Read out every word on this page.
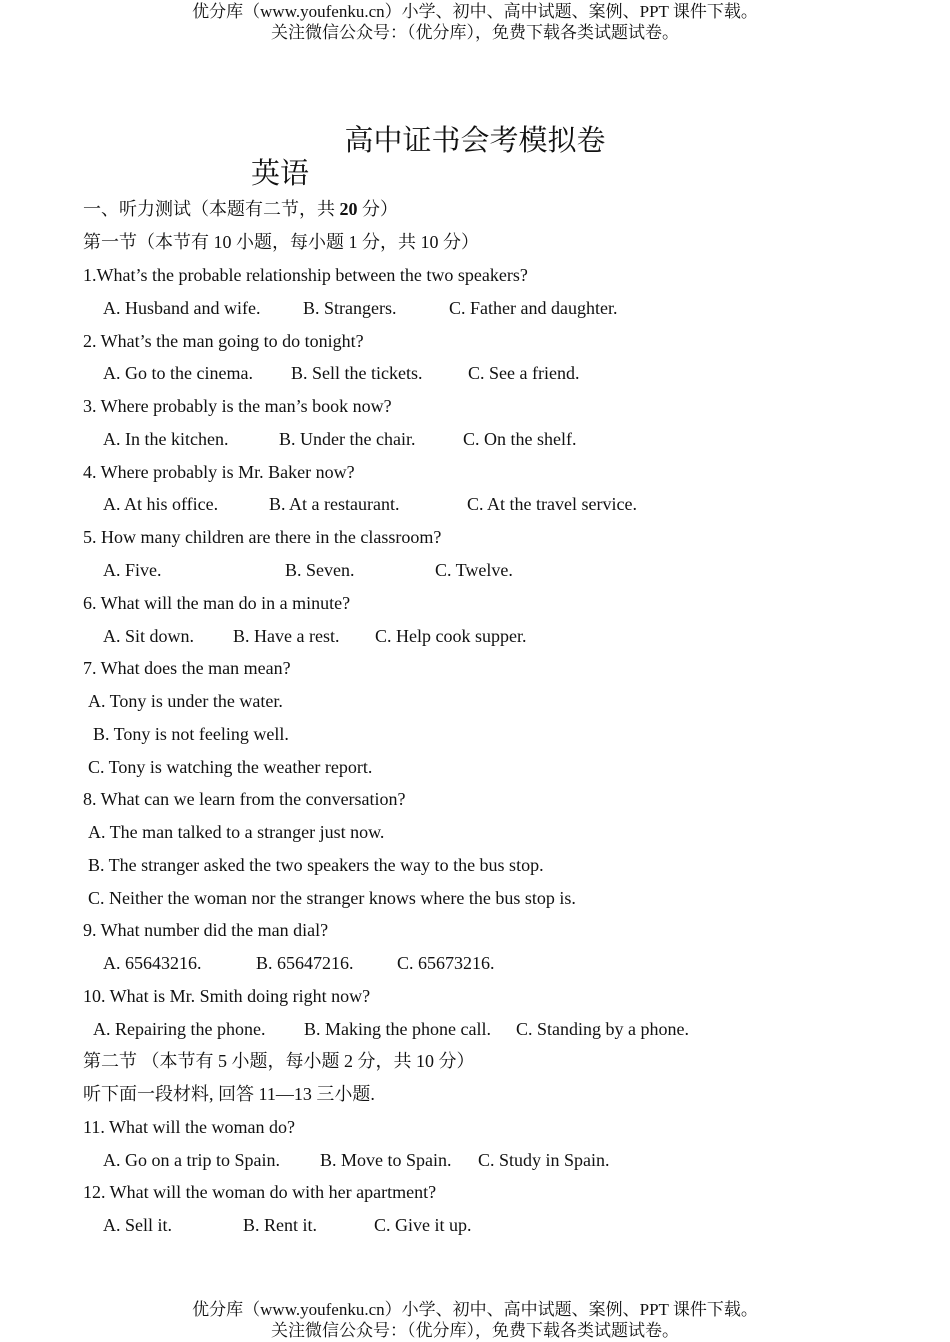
优分库（www.youfenku.cn）小学、初中、高中试题、案例、PPT 课件下载。
关注微信公众号：（优分库），免费下载各类试题试卷。
高中证书会考模拟卷
英语
一、听力测试（本题有二节，共 20 分）
第一节（本节有 10 小题，每小题 1 分，共 10 分）
1.What’s the probable relationship between the two speakers?
A. Husband and wife. B. Strangers.	C. Father and daughter.
2. What’s the man going to do tonight?
A. Go to the cinema. B. Sell the tickets.	C. See a friend.
3. Where probably is the man’s book now?
A. In the kitchen.	B. Under the chair.	C. On the shelf.
4. Where probably is Mr. Baker now?
A. At his office.	B. At a restaurant.	C. At the travel service.
5. How many children are there in the classroom?
A. Five.	B. Seven.	C. Twelve.
6. What will the man do in a minute?
A. Sit down. B. Have a rest. C. Help cook supper.
7. What does the man mean?
A. Tony is under the water.
B. Tony is not feeling well.
C. Tony is watching the weather report.
8. What can we learn from the conversation?
A. The man talked to a stranger just now.
B. The stranger asked the two speakers the way to the bus stop.
C. Neither the woman nor the stranger knows where the bus stop is.
9. What number did the man dial?
A. 65643216.	B. 65647216. C. 65673216.
10. What is Mr. Smith doing right now?
A. Repairing the phone. B. Making the phone call. C. Standing by a phone.
第二节 （本节有 5 小题，每小题 2 分，共 10 分）
听下面一段材料, 回答 11—13 三小题.
11. What will the woman do?
A. Go on a trip to Spain. B. Move to Spain. C. Study in Spain.
12. What will the woman do with her apartment?
A. Sell it.	B. Rent it.	C. Give it up.
优分库（www.youfenku.cn）小学、初中、高中试题、案例、PPT 课件下载。
关注微信公众号：（优分库），免费下载各类试题试卷。
